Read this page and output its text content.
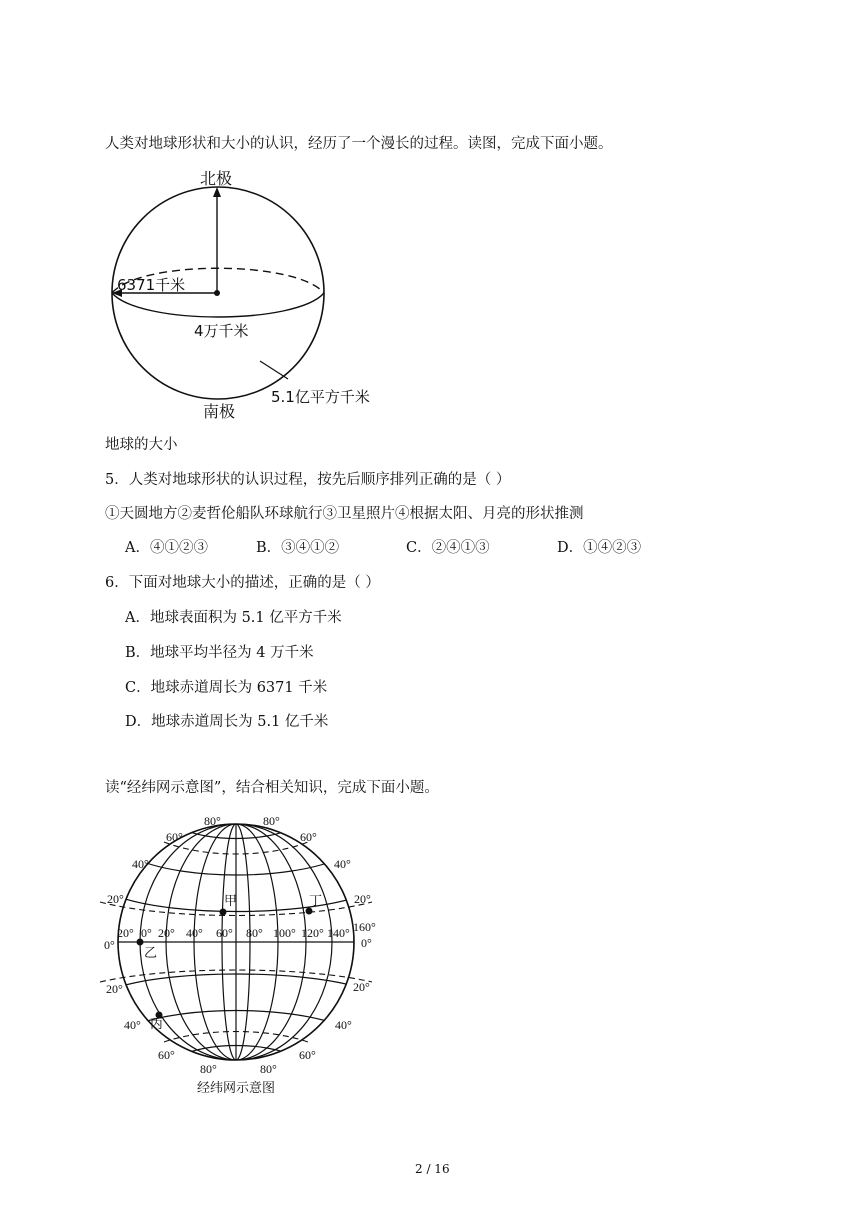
人类对地球形状和大小的认识，经历了一个漫长的过程。读图，完成下面小题。
北极
6371千米
4万千米
5.1亿平方千米
南极
地球的大小
5．人类对地球形状的认识过程，按先后顺序排列正确的是（ ）
①天圆地方②麦哲伦船队环球航行③卫星照片④根据太阳、月亮的形状推测
A．④①②③	B．③④①②	C．②④①③	D．①④②③
6．下面对地球大小的描述，正确的是（ ）
A．地球表面积为 5.1 亿平方千米
B．地球平均半径为 4 万千米
C．地球赤道周长为 6371 千米
D．地球赤道周长为 5.1 亿千米
读“经纬网示意图”，结合相关知识，完成下面小题。
80°	80°
60°	60°
40°	40°
20°	20°
0°	0°
20°	20°
40°	40°
60°	60°
80°	80°
20° 0° 20° 40° 60° 80° 100° 120° 140° 160°
甲	丁
乙
丙
经纬网示意图
2 / 16
